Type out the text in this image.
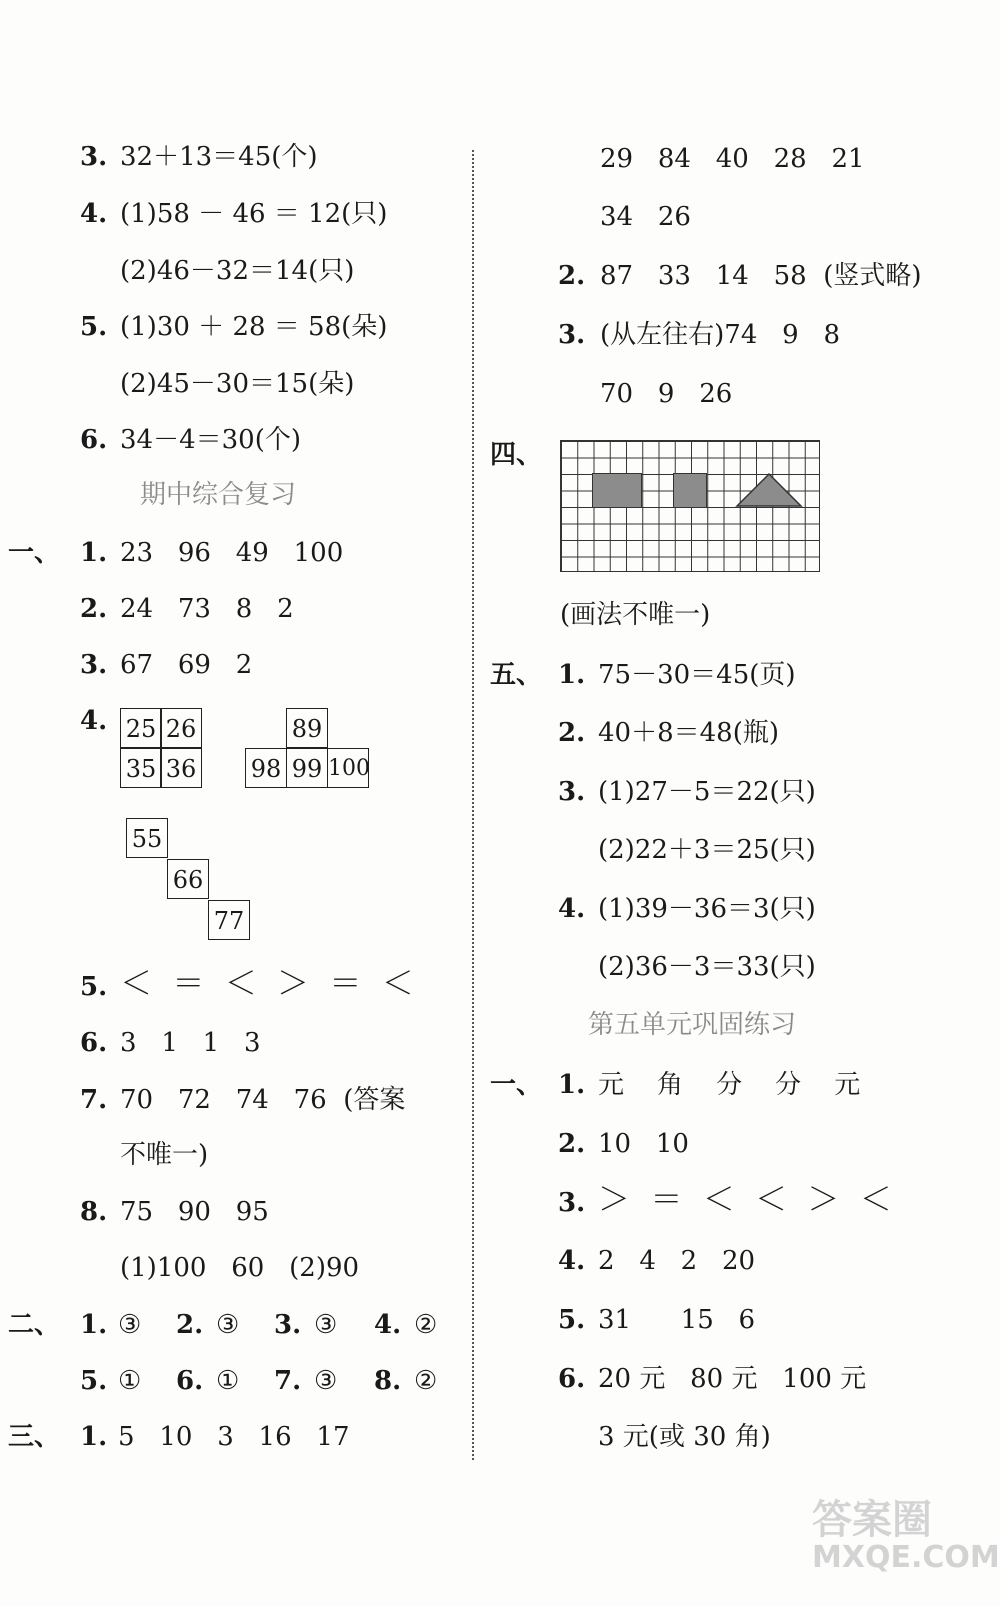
3. 32＋13＝45(个)
4. (1)58 － 46 ＝ 12(只)
(2)46－32＝14(只)
5. (1)30 ＋ 28 ＝ 58(朵)
(2)45－30＝15(朵)
6. 34－4＝30(个)
期中综合复习
一、 1. 23   96   49   100
2. 24   73   8   2
3. 67   69   2
4. 25 26
35 36
89
98 99 100
55
66
77
5. ＜  ＝  ＜  ＞  ＝  ＜
6. 3   1   1   3
7. 70   72   74   76  (答案
不唯一)
8. 75   90   95
(1)100   60   (2)90
二、 1. ③ 2. ③ 3. ③ 4. ②
5. ① 6. ① 7. ③ 8. ②
三、 1. 5   10   3   16   17
29   84   40   28   21
34   26
2. 87   33   14   58  (竖式略)
3. (从左往右)74   9   8
70   9   26
四、
(画法不唯一)
五、 1. 75－30＝45(页)
2. 40＋8＝48(瓶)
3. (1)27－5＝22(只)
(2)22＋3＝25(只)
4. (1)39－36＝3(只)
(2)36－3＝33(只)
第五单元巩固练习
一、 1. 元    角    分    分    元
2. 10   10
3. ＞  ＝  ＜  ＜  ＞  ＜
4. 2   4   2   20
5. 31      15   6
6. 20 元   80 元   100 元
3 元(或 30 角)
答案圈
MXQE.COM
